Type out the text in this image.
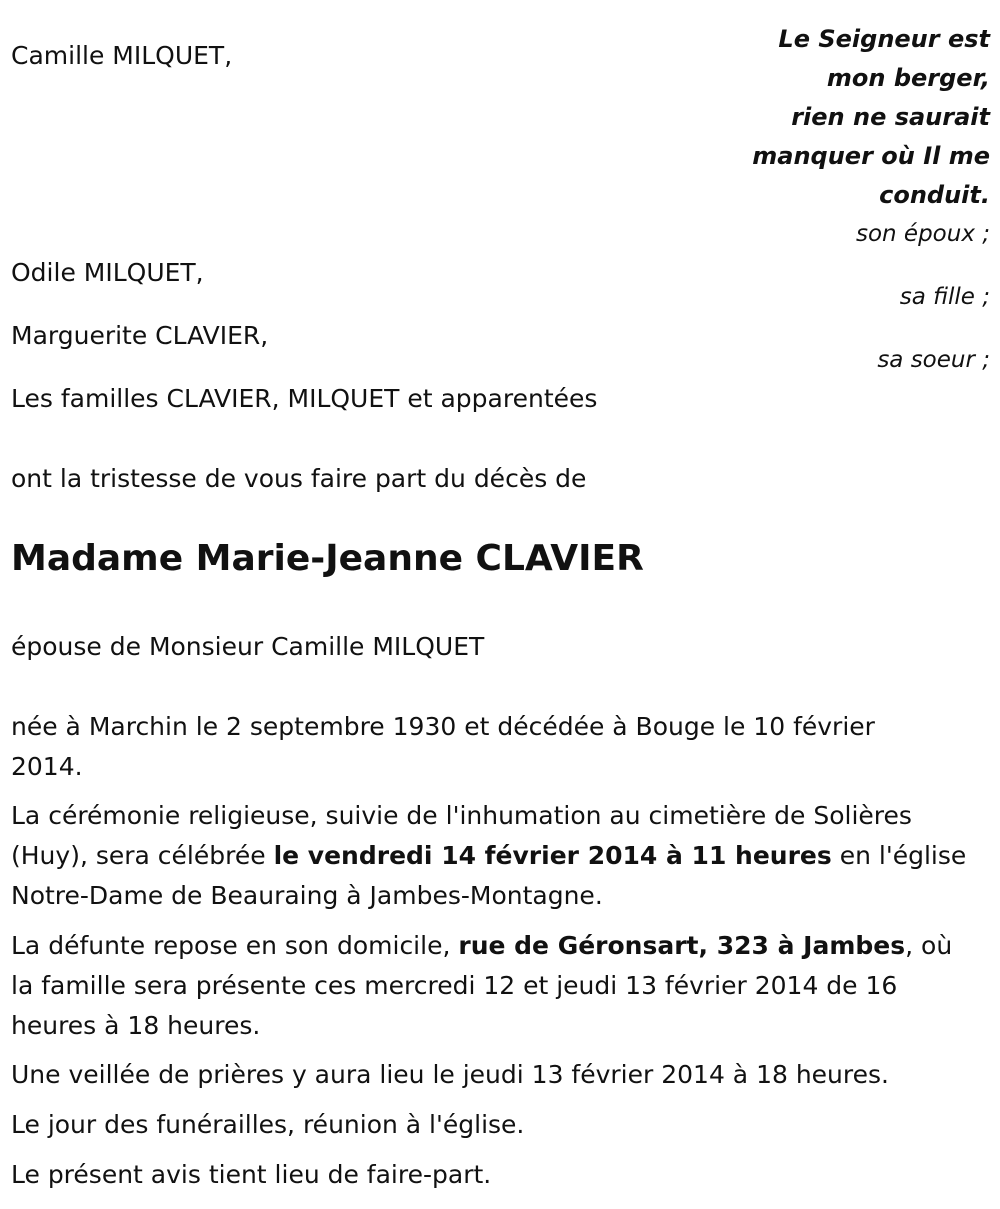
Le Seigneur est
mon berger,
rien ne saurait
manquer où Il me
conduit.
Camille MILQUET,
son époux ;
Odile MILQUET,
sa fille ;
Marguerite CLAVIER,
sa soeur ;
Les familles CLAVIER, MILQUET et apparentées
ont la tristesse de vous faire part du décès de
Madame Marie-Jeanne CLAVIER
épouse de Monsieur Camille MILQUET
née à Marchin le 2 septembre 1930 et décédée à Bouge le 10 février 2014.
La cérémonie religieuse, suivie de l'inhumation au cimetière de Solières (Huy), sera célébrée le vendredi 14 février 2014 à 11 heures en l'église Notre-Dame de Beauraing à Jambes-Montagne.
La défunte repose en son domicile, rue de Géronsart, 323 à Jambes, où la famille sera présente ces mercredi 12 et jeudi 13 février 2014 de 16 heures à 18 heures.
Une veillée de prières y aura lieu le jeudi 13 février 2014 à 18 heures.
Le jour des funérailles, réunion à l'église.
Le présent avis tient lieu de faire-part.
